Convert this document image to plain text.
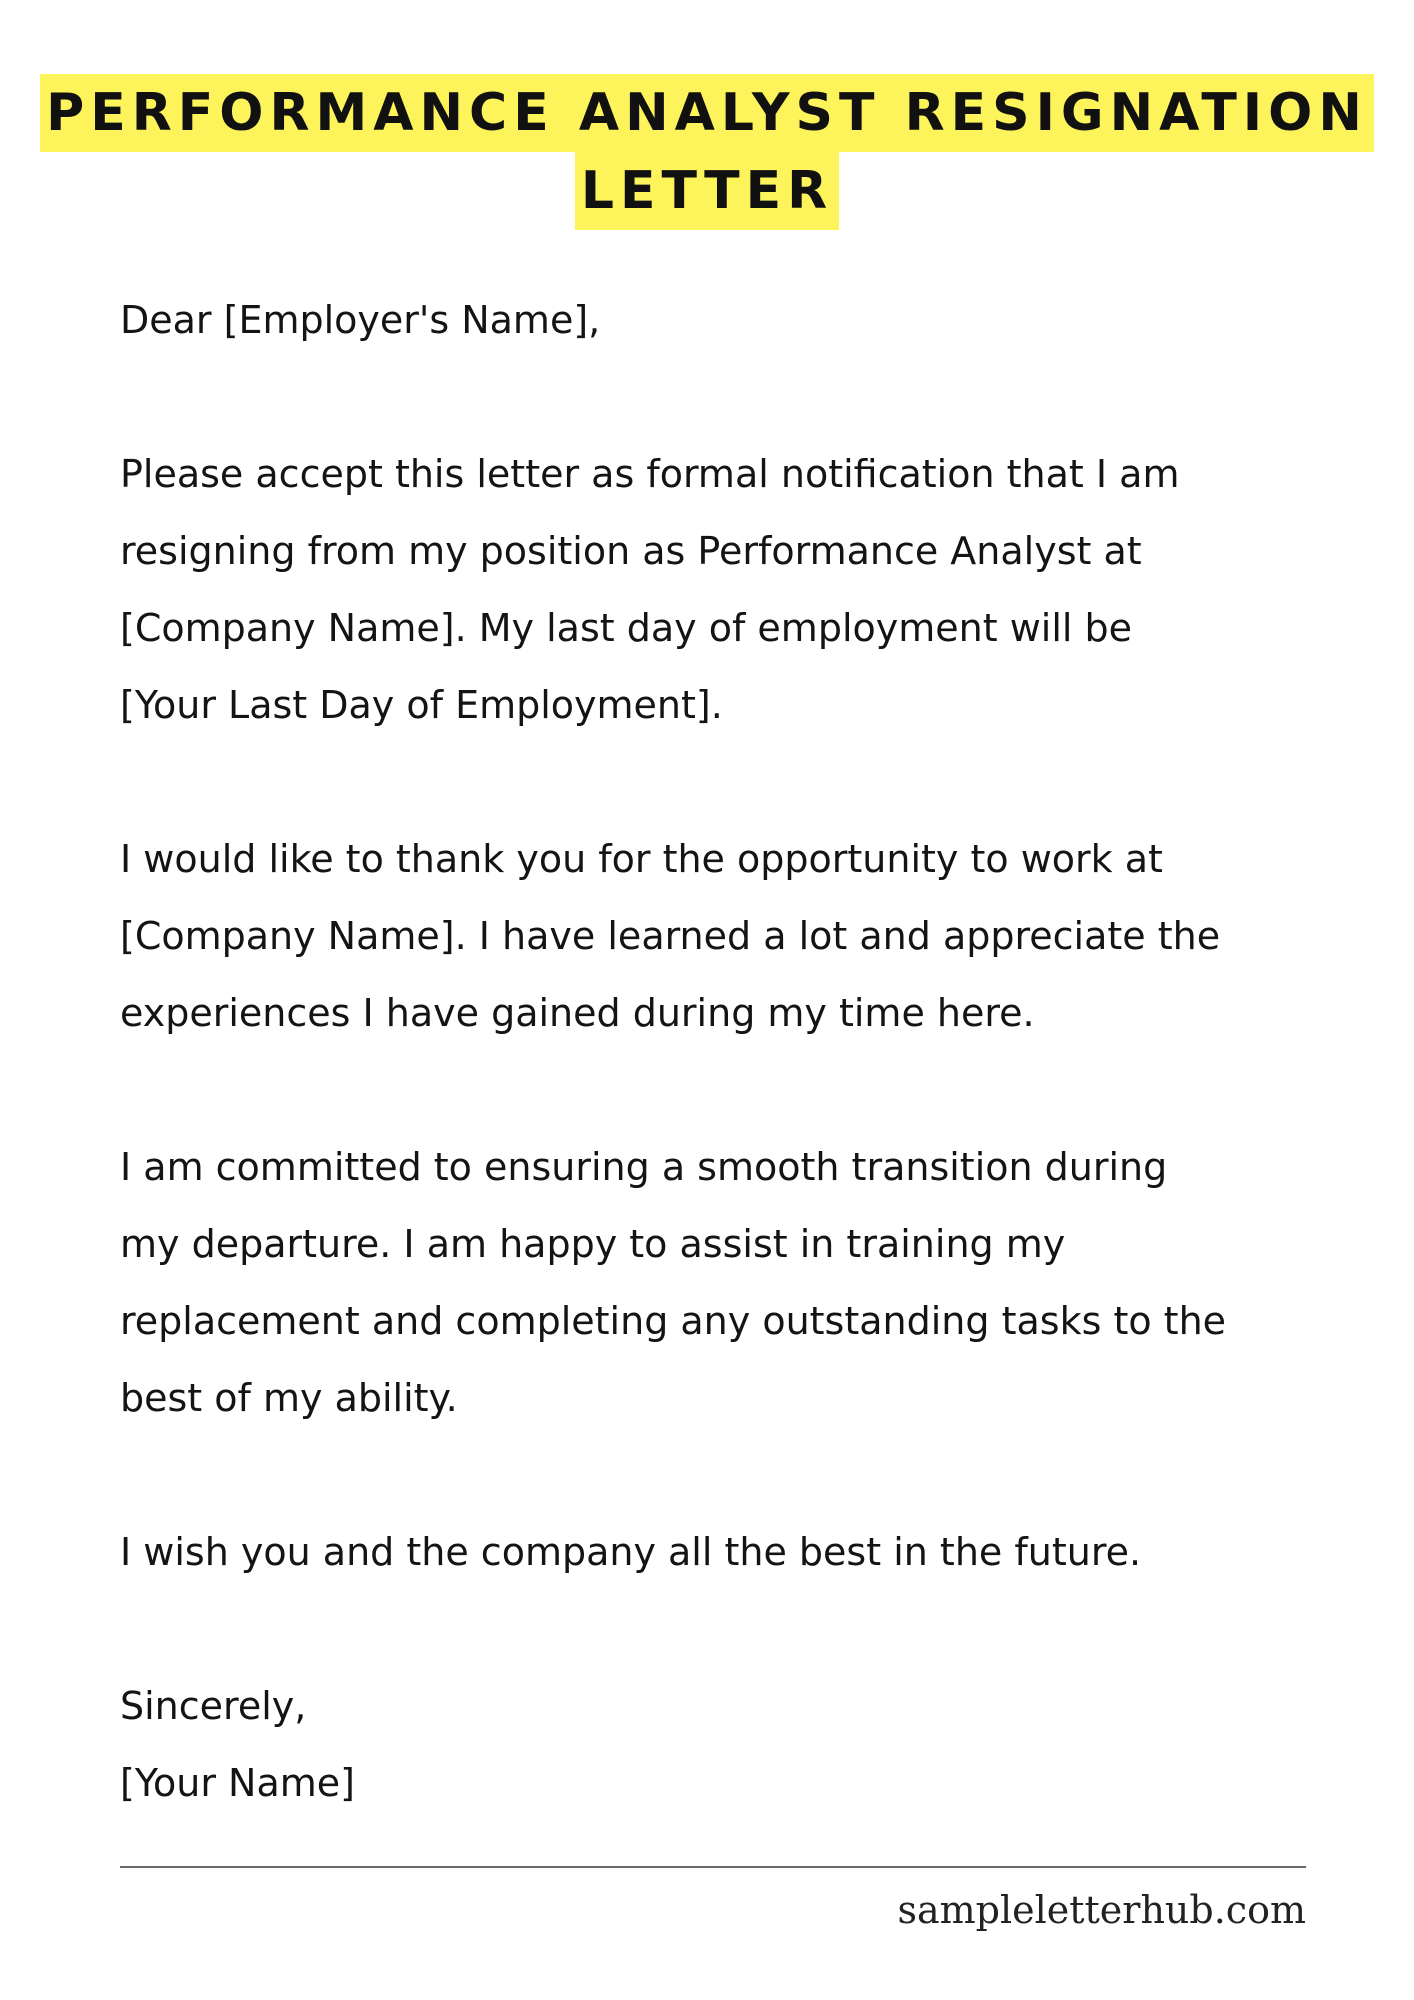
PERFORMANCE ANALYST RESIGNATION
LETTER

Dear [Employer's Name],

Please accept this letter as formal notification that I am
resigning from my position as Performance Analyst at
[Company Name]. My last day of employment will be
[Your Last Day of Employment].

I would like to thank you for the opportunity to work at
[Company Name]. I have learned a lot and appreciate the
experiences I have gained during my time here.

I am committed to ensuring a smooth transition during
my departure. I am happy to assist in training my
replacement and completing any outstanding tasks to the
best of my ability.

I wish you and the company all the best in the future.

Sincerely,
[Your Name]

sampleletterhub.com
